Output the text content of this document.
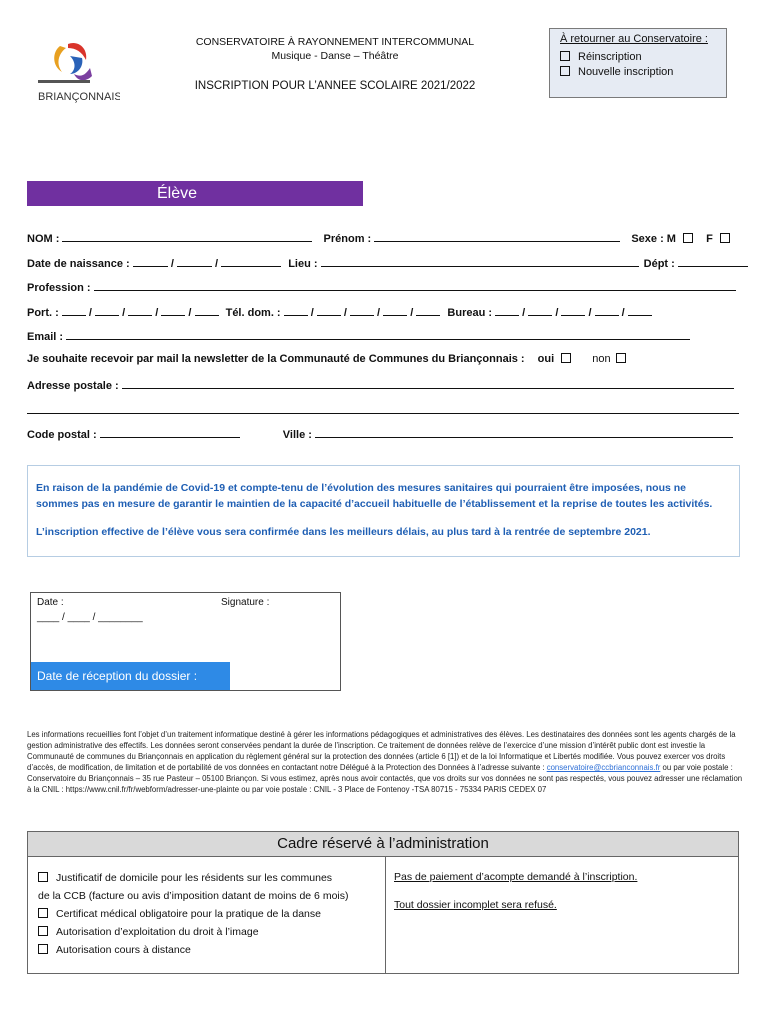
BRIANÇONNAIS
CONSERVATOIRE À RAYONNEMENT INTERCOMMUNAL
Musique - Danse – Théâtre
INSCRIPTION POUR L’ANNEE SCOLAIRE 2021/2022
À retourner au Conservatoire :
Réinscription
Nouvelle inscription
Élève
NOM :	Prénom :	Sexe : M	F
Date de naissance :	/	/	Lieu :	Dépt :
Profession :
Port. :  /  /  /  /	Tél. dom. :  /  /  /  /	Bureau :  /  /  /  /
Email :
Je souhaite recevoir par mail la newsletter de la Communauté de Communes du Briançonnais : oui	non
Adresse postale :
Code postal :	Ville :

En raison de la pandémie de Covid-19 et compte-tenu de l’évolution des mesures sanitaires qui pourraient être imposées, nous ne sommes pas en mesure de garantir le maintien de la capacité d’accueil habituelle de l’établissement et la reprise de toutes les activités.

L’inscription effective de l’élève vous sera confirmée dans les meilleurs délais, au plus tard à la rentrée de septembre 2021.

Date :
____ / ____ / ________
Signature :
Date de réception du dossier :
Les informations recueillies font l’objet d’un traitement informatique destiné à gérer les informations pédagogiques et administratives des élèves. Les destinataires des données sont les agents chargés de la gestion administrative des effectifs. Les données seront conservées pendant la durée de l’inscription. Ce traitement de données relève de l’exercice d’une mission d’intérêt public dont est investie la Communauté de communes du Briançonnais en application du règlement général sur la protection des données (article 6 [1]) et de la loi Informatique et Libertés modifiée. Vous pouvez exercer vos droits d’accès, de modification, de limitation et de portabilité de vos données en contactant notre Délégué à la Protection des Données à l’adresse suivante : conservatoire@ccbrianconnais.fr ou par voie postale : Conservatoire du Briançonnais – 35 rue Pasteur – 05100 Briançon. Si vous estimez, après nous avoir contactés, que vos droits sur vos données ne sont pas respectés, vous pouvez adresser une réclamation à la CNIL : https://www.cnil.fr/fr/webform/adresser-une-plainte ou par voie postale : CNIL - 3 Place de Fontenoy -TSA 80715 - 75334 PARIS CEDEX 07
Cadre réservé à l’administration
Justificatif de domicile pour les résidents sur les communes
de la CCB (facture ou avis d’imposition datant de moins de 6 mois)
Certificat médical obligatoire pour la pratique de la danse
Autorisation d’exploitation du droit à l’image
Autorisation cours à distance
Pas de paiement d’acompte demandé à l’inscription.
Tout dossier incomplet sera refusé.
